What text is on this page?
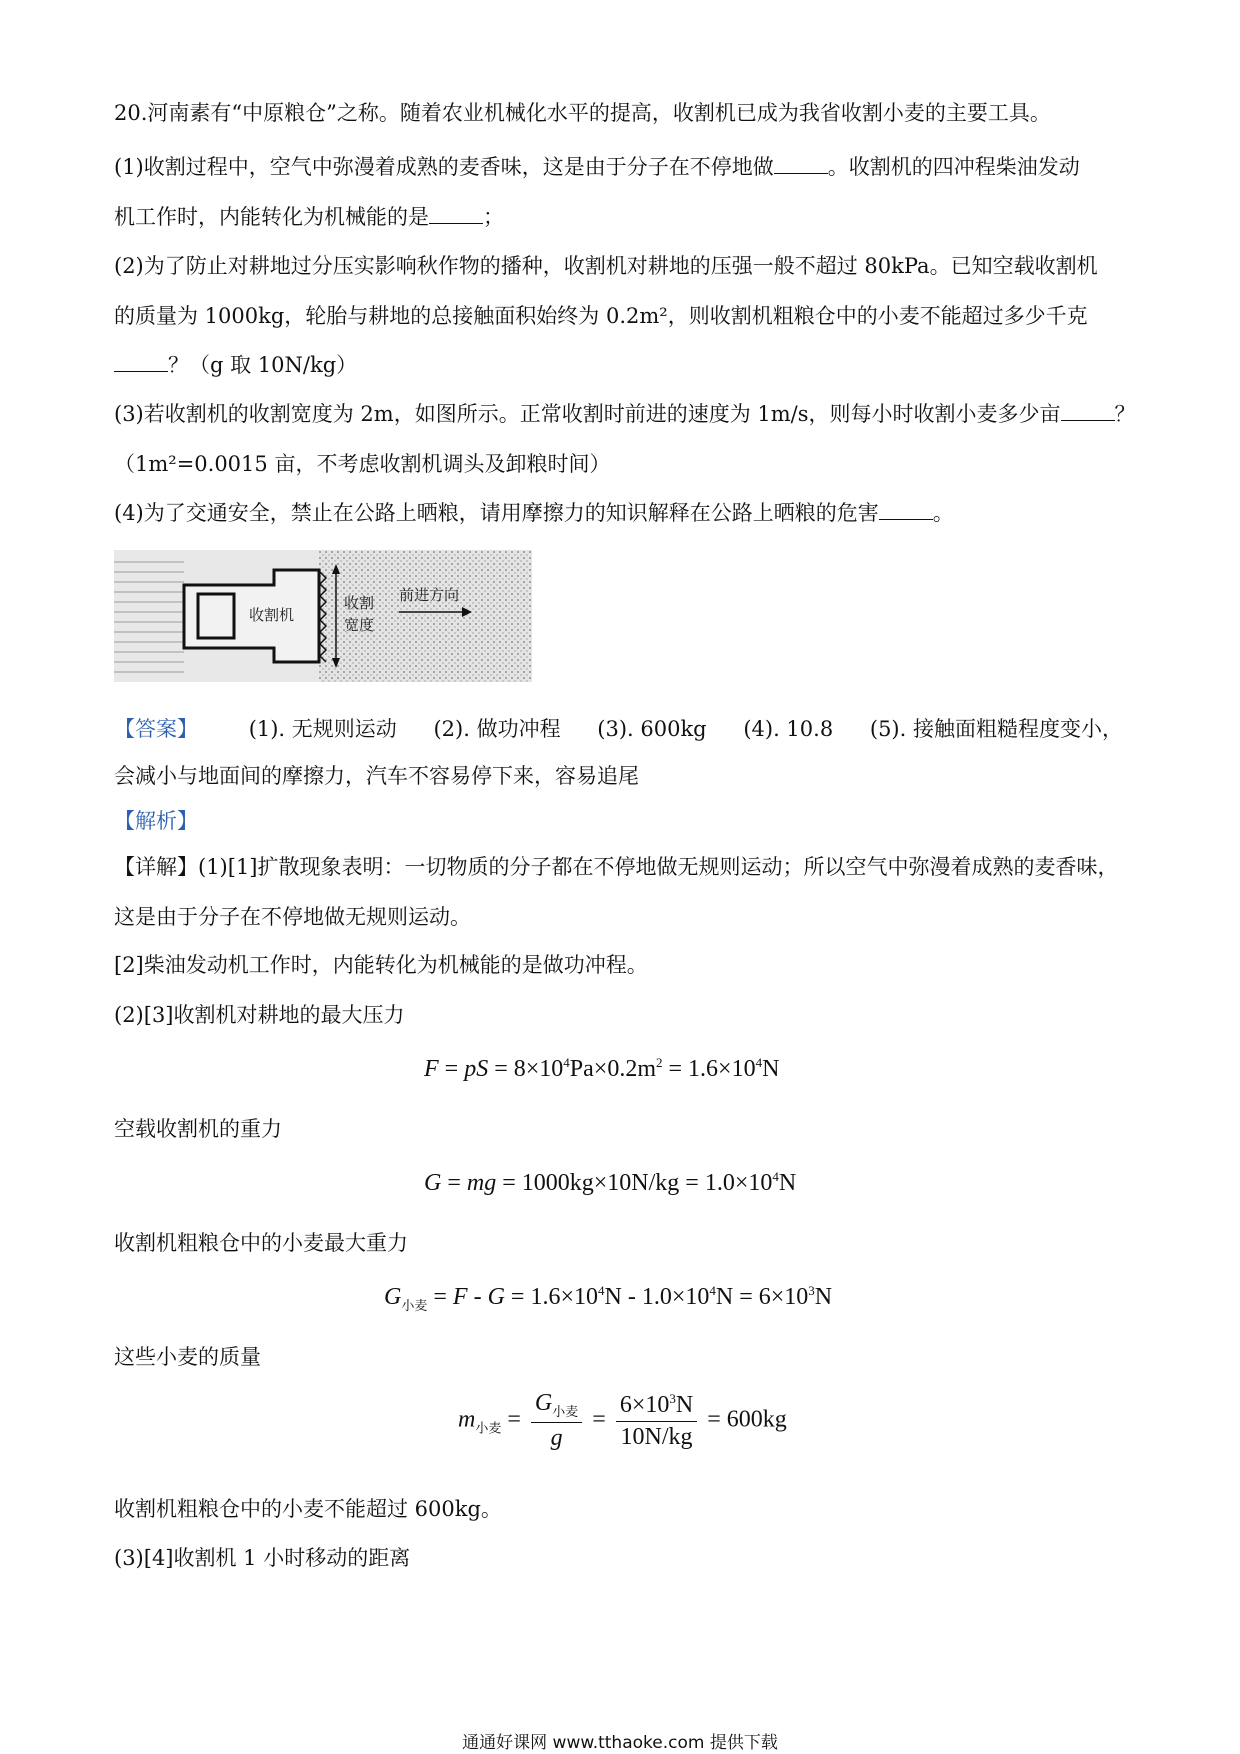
20.河南素有“中原粮仓”之称。随着农业机械化水平的提高，收割机已成为我省收割小麦的主要工具。
(1)收割过程中，空气中弥漫着成熟的麦香味，这是由于分子在不停地做	。收割机的四冲程柴油发动
机工作时，内能转化为机械能的是	；
(2)为了防止对耕地过分压实影响秋作物的播种，收割机对耕地的压强一般不超过 80kPa。已知空载收割机
的质量为 1000kg，轮胎与耕地的总接触面积始终为 0.2m²，则收割机粗粮仓中的小麦不能超过多少千克
？（g 取 10N/kg）
(3)若收割机的收割宽度为 2m，如图所示。正常收割时前进的速度为 1m/s，则每小时收割小麦多少亩	？
（1m²=0.0015 亩，不考虑收割机调头及卸粮时间）
(4)为了交通安全，禁止在公路上晒粮，请用摩擦力的知识解释在公路上晒粮的危害	。
收割机
收割
宽度
前进方向
【答案】 (1). 无规则运动 (2). 做功冲程 (3). 600kg (4). 10.8 (5). 接触面粗糙程度变小，
会减小与地面间的摩擦力，汽车不容易停下来，容易追尾
【解析】
【详解】(1)[1]扩散现象表明：一切物质的分子都在不停地做无规则运动；所以空气中弥漫着成熟的麦香味，
这是由于分子在不停地做无规则运动。
[2]柴油发动机工作时，内能转化为机械能的是做功冲程。
(2)[3]收割机对耕地的最大压力
F = pS = $8\times 10^4Pa\times 0.2m^2 = 1.6\times 10^4N$
空载收割机的重力
G = mg = $1000kg\times 10N/kg = 1.0\times 10^4N$
收割机粗粮仓中的小麦最大重力
$G_{小麦} = F - G = 1.6\times 10^4N - 1.0\times 10^4N = 6\times 10^3N$
这些小麦的质量
$m_{小麦} = \frac{G_{小麦}}{g} = \frac{6\times 10^3N}{10N/kg} = 600kg$
收割机粗粮仓中的小麦不能超过 600kg。
(3)[4]收割机 1 小时移动的距离
通通好课网 www.tthaoke.com 提供下载
